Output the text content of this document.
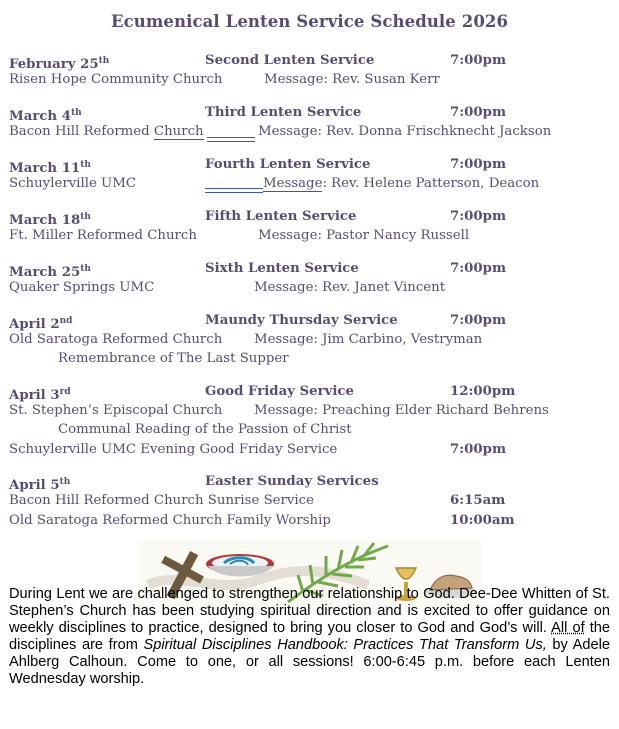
Ecumenical Lenten Service Schedule 2026
February 25th	Second Lenten Service	7:00pm
Risen Hope Community Church	Message: Rev. Susan Kerr
March 4th	Third Lenten Service	7:00pm
Bacon Hill Reformed Church	Message: Rev. Donna Frischknecht Jackson
March 11th	Fourth Lenten Service	7:00pm
Schuylerville UMC	Message: Rev. Helene Patterson, Deacon
March 18th	Fifth Lenten Service	7:00pm
Ft. Miller Reformed Church	Message: Pastor Nancy Russell
March 25th	Sixth Lenten Service	7:00pm
Quaker Springs UMC	Message: Rev. Janet Vincent
April 2nd	Maundy Thursday Service	7:00pm
Old Saratoga Reformed Church Message: Jim Carbino, Vestryman
Remembrance of The Last Supper
April 3rd	Good Friday Service	12:00pm
St. Stephen’s Episcopal Church Message: Preaching Elder Richard Behrens
Communal Reading of the Passion of Christ
Schuylerville UMC Evening Good Friday Service	7:00pm
April 5th	Easter Sunday Services
Bacon Hill Reformed Church Sunrise Service	6:15am
Old Saratoga Reformed Church Family Worship	10:00am
During Lent we are challenged to strengthen our relationship to God. Dee-Dee Whitten of St. Stephen’s Church has been studying spiritual direction and is excited to offer guidance on weekly disciplines to practice, designed to bring you closer to God and God’s will. All of the disciplines are from Spiritual Disciplines Handbook: Practices That Transform Us, by Adele Ahlberg Calhoun. Come to one, or all sessions! 6:00-6:45 p.m. before each Lenten Wednesday worship.
